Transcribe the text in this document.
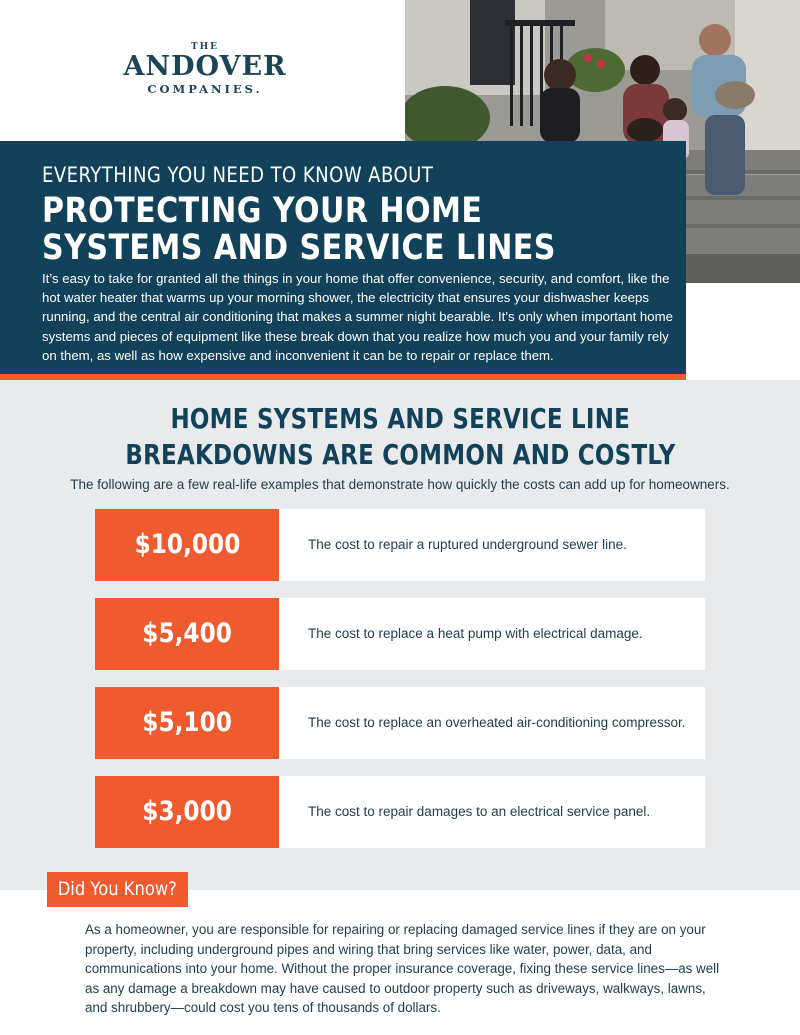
THE
ANDOVER
COMPANIES.
EVERYTHING YOU NEED TO KNOW ABOUT
PROTECTING YOUR HOME
SYSTEMS AND SERVICE LINES
It’s easy to take for granted all the things in your home that offer convenience, security, and comfort, like the hot water heater that warms up your morning shower, the electricity that ensures your dishwasher keeps running, and the central air conditioning that makes a summer night bearable. It’s only when important home systems and pieces of equipment like these break down that you realize how much you and your family rely on them, as well as how expensive and inconvenient it can be to repair or replace them.
HOME SYSTEMS AND SERVICE LINE
BREAKDOWNS ARE COMMON AND COSTLY
The following are a few real-life examples that demonstrate how quickly the costs can add up for homeowners.
$10,000	The cost to repair a ruptured underground sewer line.
$5,400	The cost to replace a heat pump with electrical damage.
$5,100	The cost to replace an overheated air-conditioning compressor.
$3,000	The cost to repair damages to an electrical service panel.
Did You Know?
As a homeowner, you are responsible for repairing or replacing damaged service lines if they are on your property, including underground pipes and wiring that bring services like water, power, data, and communications into your home. Without the proper insurance coverage, fixing these service lines—as well as any damage a breakdown may have caused to outdoor property such as driveways, walkways, lawns, and shrubbery—could cost you tens of thousands of dollars.
